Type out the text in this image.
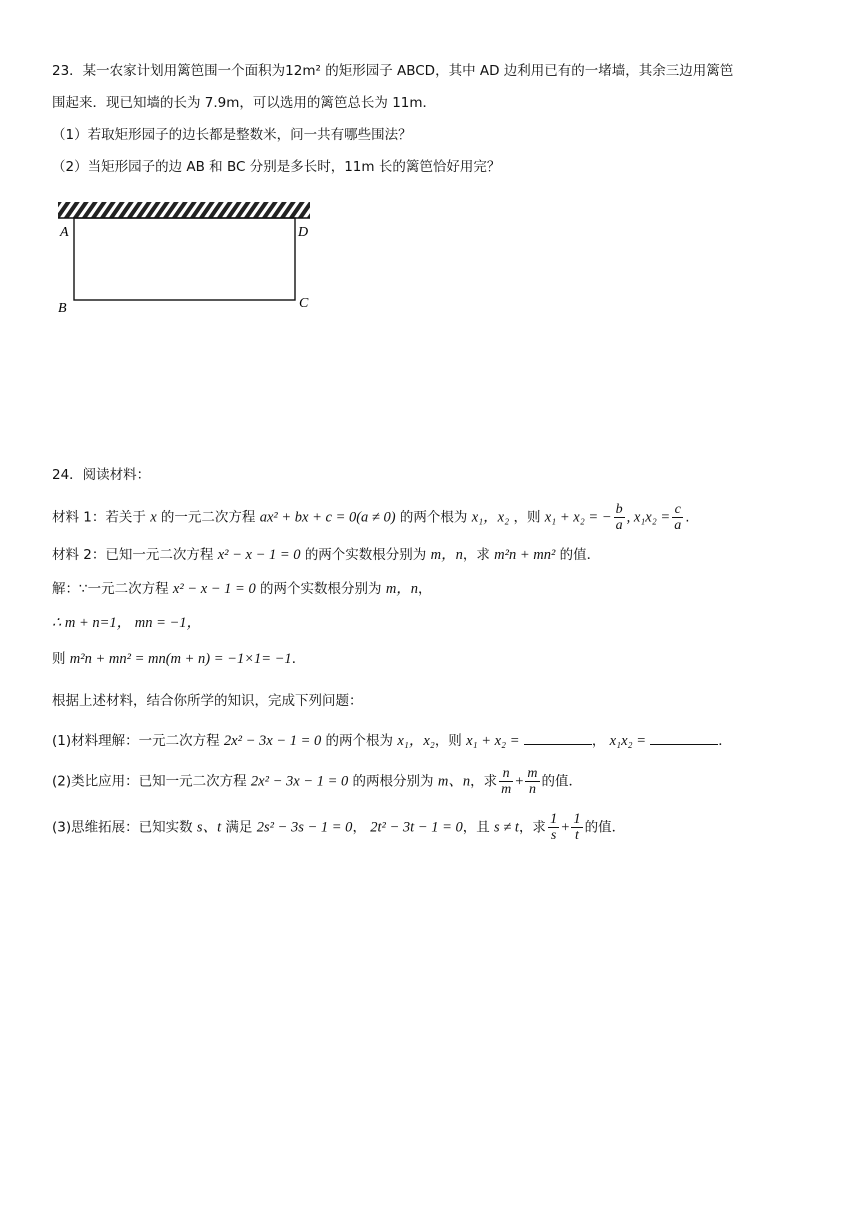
23．某一农家计划用篱笆围一个面积为12m² 的矩形园子 ABCD，其中 AD 边利用已有的一堵墙，其余三边用篱笆
围起来．现已知墙的长为 7.9m，可以选用的篱笆总长为 11m．
（1）若取矩形园子的边长都是整数米，问一共有哪些围法？
（2）当矩形园子的边 AB 和 BC 分别是多长时，11m 长的篱笆恰好用完？
A	D
B	C
24．阅读材料：
材料 1：若关于 x 的一元二次方程 ax² + bx + c = 0(a ≠ 0) 的两个根为 x₁，x₂ ，则 x₁ + x₂ = − $\frac{b}{a}$ , $x_1x_2 = \frac{c}{a}$ .
材料 2：已知一元二次方程 x² − x − 1 = 0 的两个实数根分别为 m，n，求 m²n + mn² 的值．
解：∵一元二次方程 x² − x − 1 = 0 的两个实数根分别为 m，n，
∴ m + n=1， mn = −1，
则 m²n + mn² = mn(m + n) = −1×1= −1．
根据上述材料，结合你所学的知识，完成下列问题：
(1)材料理解：一元二次方程 2x² − 3x − 1 = 0 的两个根为 x₁，x₂，则 x₁ + x₂ =	， x₁x₂ =	．
(2)类比应用：已知一元二次方程 2x² − 3x − 1 = 0 的两根分别为 m、n，求 $\frac{n}{m} + \frac{m}{n}$ 的值．
(3)思维拓展：已知实数 s、t 满足 2s² − 3s − 1 = 0， 2t² − 3t − 1 = 0，且 s ≠ t，求 $\frac{1}{s} + \frac{1}{t}$ 的值．
